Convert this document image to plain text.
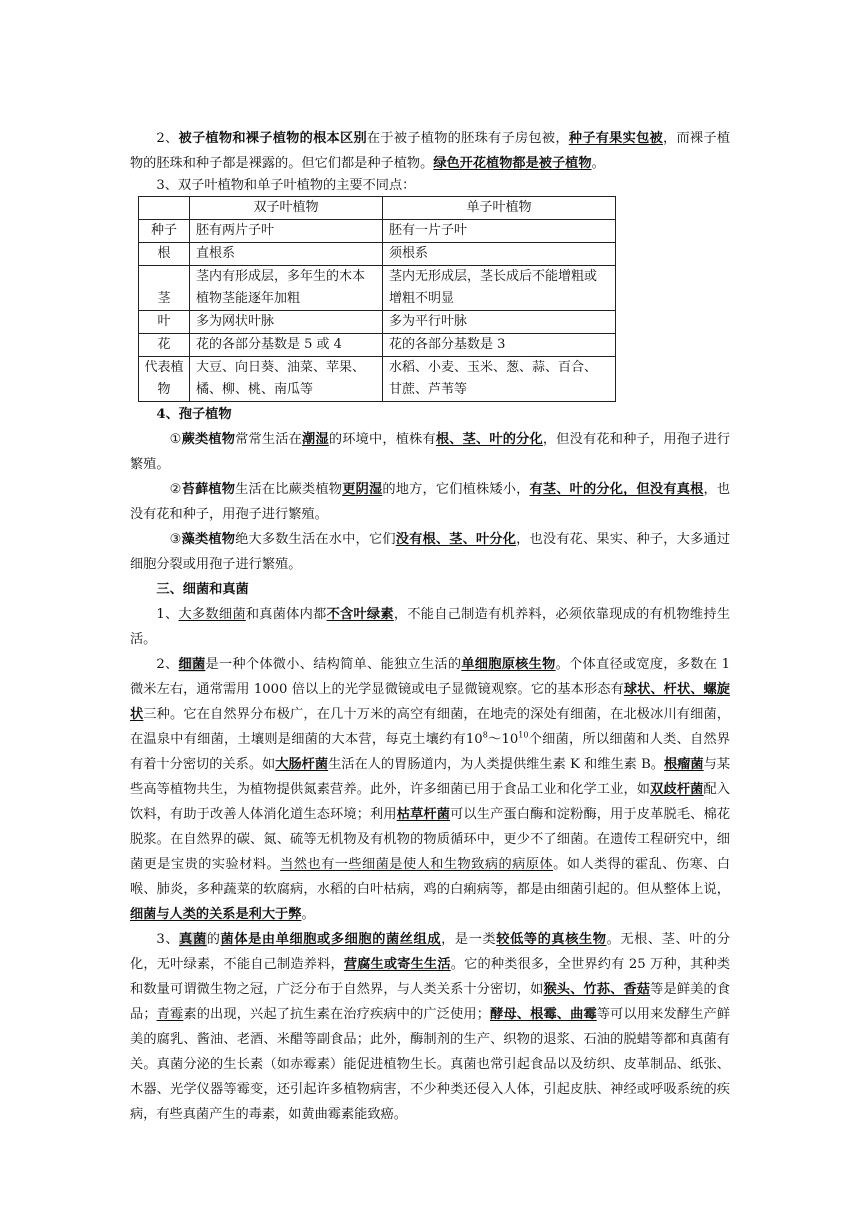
2、被子植物和裸子植物的根本区别在于被子植物的胚珠有子房包被，种子有果实包被，而裸子植物的胚珠和种子都是裸露的。但它们都是种子植物。绿色开花植物都是被子植物。

3、双子叶植物和单子叶植物的主要不同点：

	双子叶植物	单子叶植物
种子	胚有两片子叶	胚有一片子叶
根	直根系	须根系
茎	茎内有形成层，多年生的木本植物茎能逐年加粗	茎内无形成层，茎长成后不能增粗或增粗不明显
叶	多为网状叶脉	多为平行叶脉
花	花的各部分基数是 5 或 4	花的各部分基数是 3
代表植物	大豆、向日葵、油菜、苹果、橘、柳、桃、南瓜等	水稻、小麦、玉米、葱、蒜、百合、甘蔗、芦苇等

4、孢子植物

①蕨类植物常常生活在潮湿的环境中，植株有根、茎、叶的分化，但没有花和种子，用孢子进行繁殖。

②苔藓植物生活在比蕨类植物更阴湿的地方，它们植株矮小，有茎、叶的分化，但没有真根，也没有花和种子，用孢子进行繁殖。

③藻类植物绝大多数生活在水中，它们没有根、茎、叶分化，也没有花、果实、种子，大多通过细胞分裂或用孢子进行繁殖。

三、细菌和真菌

1、大多数细菌和真菌体内都不含叶绿素，不能自己制造有机养料，必须依靠现成的有机物维持生活。

2、细菌是一种个体微小、结构简单、能独立生活的单细胞原核生物。个体直径或宽度，多数在 1 微米左右，通常需用 1000 倍以上的光学显微镜或电子显微镜观察。它的基本形态有球状、杆状、螺旋状三种。它在自然界分布极广，在几十万米的高空有细菌，在地壳的深处有细菌，在北极冰川有细菌，在温泉中有细菌，土壤则是细菌的大本营，每克土壤约有$10^8\sim 10^{10}$个细菌，所以细菌和人类、自然界有着十分密切的关系。如大肠杆菌生活在人的胃肠道内，为人类提供维生素 K 和维生素 B。根瘤菌与某些高等植物共生，为植物提供氮素营养。此外，许多细菌已用于食品工业和化学工业，如双歧杆菌配入饮料，有助于改善人体消化道生态环境；利用枯草杆菌可以生产蛋白酶和淀粉酶，用于皮革脱毛、棉花脱浆。在自然界的碳、氮、硫等无机物及有机物的物质循环中，更少不了细菌。在遗传工程研究中，细菌更是宝贵的实验材料。当然也有一些细菌是使人和生物致病的病原体。如人类得的霍乱、伤寒、白喉、肺炎，多种蔬菜的软腐病，水稻的白叶枯病，鸡的白痢病等，都是由细菌引起的。但从整体上说，细菌与人类的关系是利大于弊。

3、真菌的菌体是由单细胞或多细胞的菌丝组成，是一类较低等的真核生物。无根、茎、叶的分化，无叶绿素，不能自己制造养料，营腐生或寄生生活。它的种类很多，全世界约有 25 万种，其种类和数量可谓微生物之冠，广泛分布于自然界，与人类关系十分密切，如猴头、竹荪、香菇等是鲜美的食品；青霉素的出现，兴起了抗生素在治疗疾病中的广泛使用；酵母、根霉、曲霉等可以用来发酵生产鲜美的腐乳、酱油、老酒、米醋等副食品；此外，酶制剂的生产、织物的退浆、石油的脱蜡等都和真菌有关。真菌分泌的生长素（如赤霉素）能促进植物生长。真菌也常引起食品以及纺织、皮革制品、纸张、木器、光学仪器等霉变，还引起许多植物病害，不少种类还侵入人体，引起皮肤、神经或呼吸系统的疾病，有些真菌产生的毒素，如黄曲霉素能致癌。
